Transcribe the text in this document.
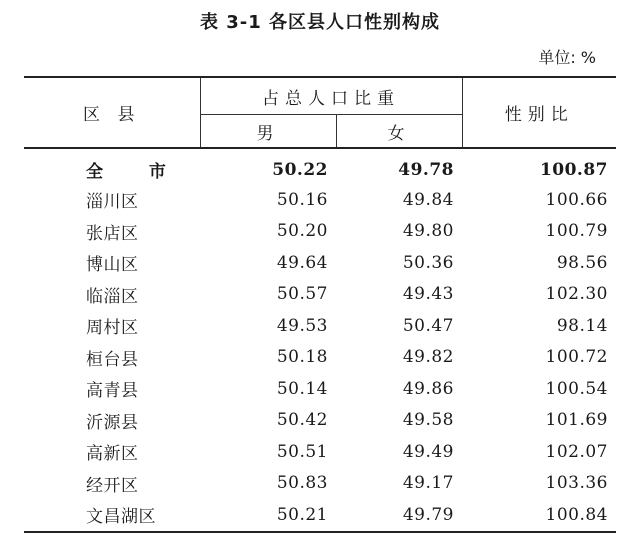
表 3-1 各区县人口性别构成
单位: %
区 县	占总人口比重		性别比
	男	女	
全 市	50.22	49.78	100.87
淄川区	50.16	49.84	100.66
张店区	50.20	49.80	100.79
博山区	49.64	50.36	98.56
临淄区	50.57	49.43	102.30
周村区	49.53	50.47	98.14
桓台县	50.18	49.82	100.72
高青县	50.14	49.86	100.54
沂源县	50.42	49.58	101.69
高新区	50.51	49.49	102.07
经开区	50.83	49.17	103.36
文昌湖区	50.21	49.79	100.84
